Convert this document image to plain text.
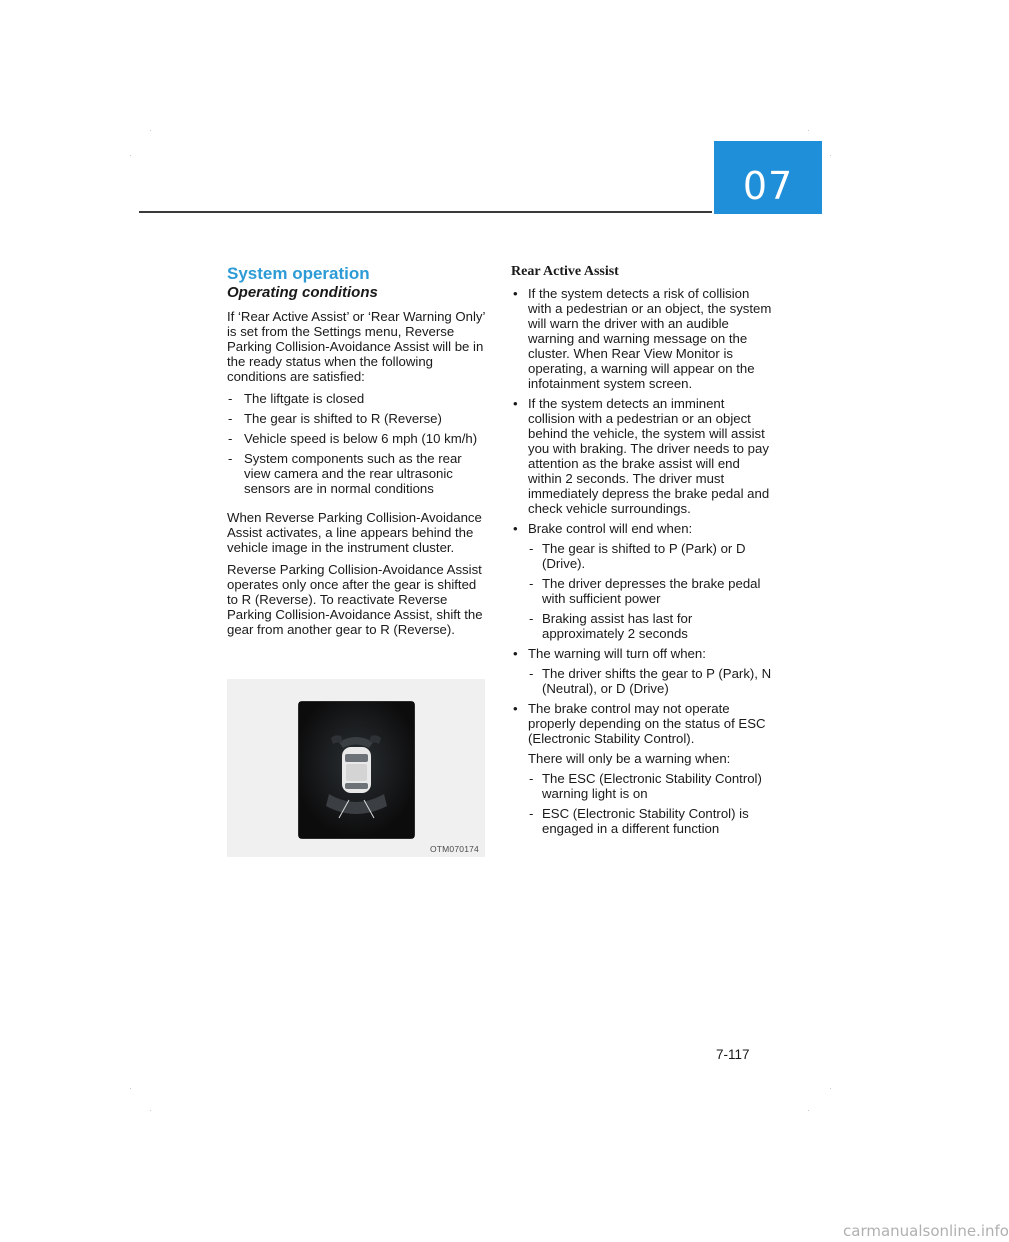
07
System operation
Operating conditions

If ‘Rear Active Assist’ or ‘Rear Warning Only’ is set from the Settings menu, Reverse Parking Collision-Avoidance Assist will be in the ready status when the following conditions are satisfied:

- The liftgate is closed
- The gear is shifted to R (Reverse)
- Vehicle speed is below 6 mph (10 km/h)
- System components such as the rear view camera and the rear ultrasonic sensors are in normal conditions

When Reverse Parking Collision-Avoidance Assist activates, a line appears behind the vehicle image in the instrument cluster.

Reverse Parking Collision-Avoidance Assist operates only once after the gear is shifted to R (Reverse). To reactivate Reverse Parking Collision-Avoidance Assist, shift the gear from another gear to R (Reverse).

OTM070174
Rear Active Assist
• If the system detects a risk of collision with a pedestrian or an object, the system will warn the driver with an audible warning and warning message on the cluster. When Rear View Monitor is operating, a warning will appear on the infotainment system screen.
• If the system detects an imminent collision with a pedestrian or an object behind the vehicle, the system will assist you with braking. The driver needs to pay attention as the brake assist will end within 2 seconds. The driver must immediately depress the brake pedal and check vehicle surroundings.
• Brake control will end when:
- The gear is shifted to P (Park) or D (Drive).
- The driver depresses the brake pedal with sufficient power
- Braking assist has last for approximately 2 seconds
• The warning will turn off when:
- The driver shifts the gear to P (Park), N (Neutral), or D (Drive)
• The brake control may not operate properly depending on the status of ESC (Electronic Stability Control).

There will only be a warning when:

- The ESC (Electronic Stability Control) warning light is on
- ESC (Electronic Stability Control) is engaged in a different function
7-117
carmanualsonline.info
